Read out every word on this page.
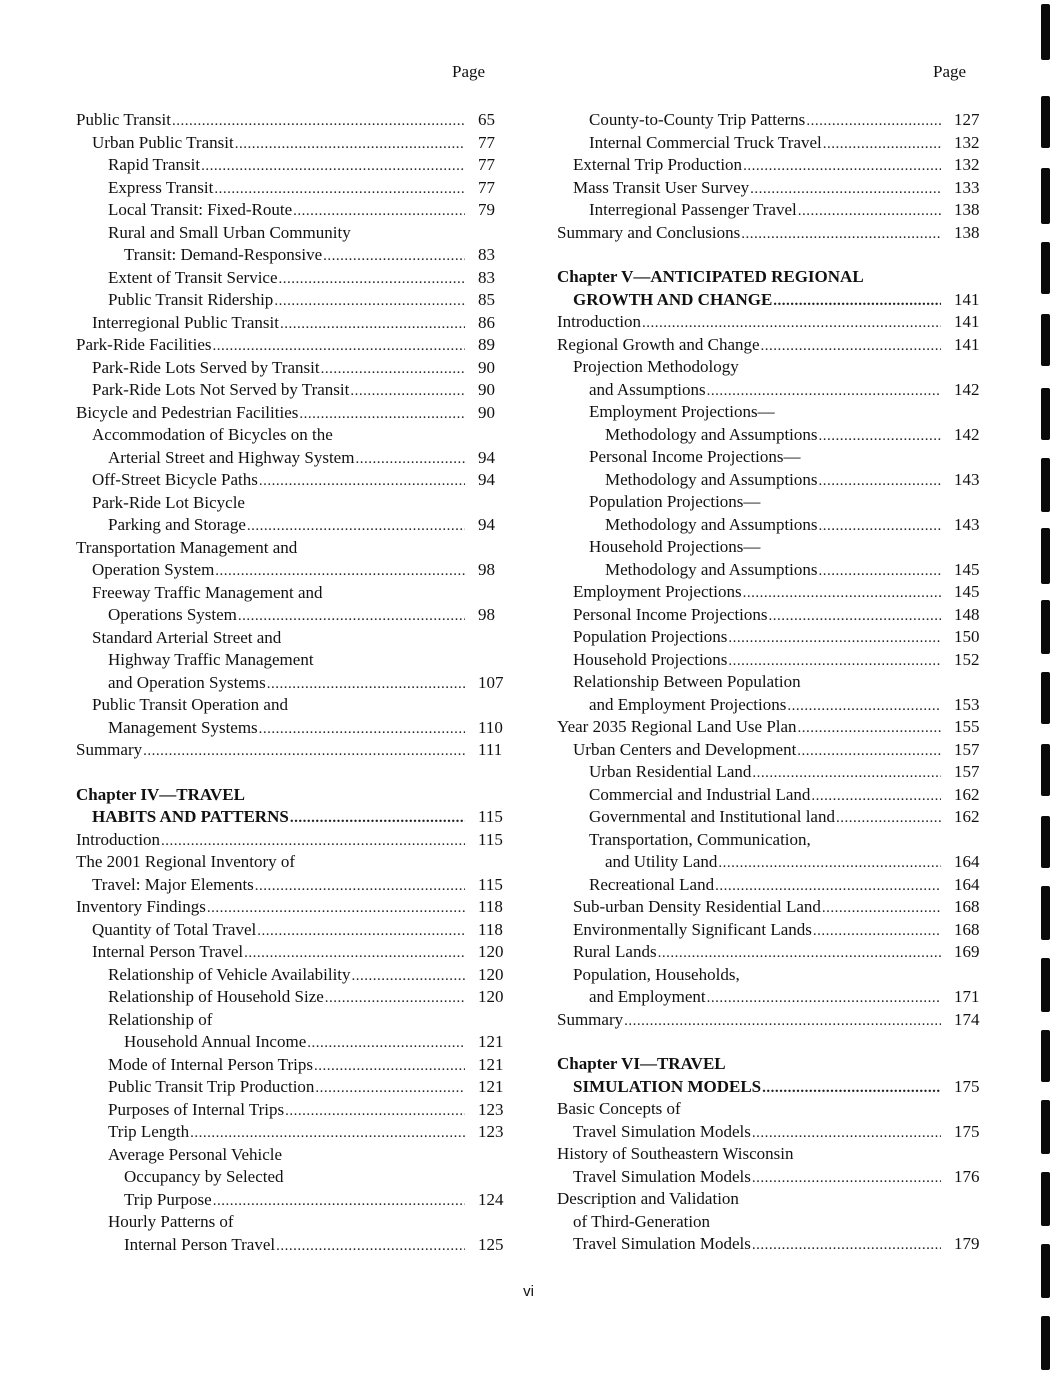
Page	Page
Public Transit .....	65
Urban Public Transit .....	77
Rapid Transit .....	77
Express Transit .....	77
Local Transit: Fixed-Route .....	79
Rural and Small Urban Community
Transit: Demand-Responsive .....	83
Extent of Transit Service .....	83
Public Transit Ridership .....	85
Interregional Public Transit .....	86
Park-Ride Facilities .....	89
Park-Ride Lots Served by Transit .....	90
Park-Ride Lots Not Served by Transit .....	90
Bicycle and Pedestrian Facilities .....	90
Accommodation of Bicycles on the
Arterial Street and Highway System .....	94
Off-Street Bicycle Paths .....	94
Park-Ride Lot Bicycle
Parking and Storage .....	94
Transportation Management and
Operation System .....	98
Freeway Traffic Management and
Operations System .....	98
Standard Arterial Street and
Highway Traffic Management
and Operation Systems .....	107
Public Transit Operation and
Management Systems .....	110
Summary .....	111
Chapter IV—TRAVEL
HABITS AND PATTERNS .....	115
Introduction .....	115
The 2001 Regional Inventory of
Travel: Major Elements .....	115
Inventory Findings .....	118
Quantity of Total Travel .....	118
Internal Person Travel .....	120
Relationship of Vehicle Availability .....	120
Relationship of Household Size .....	120
Relationship of
Household Annual Income .....	121
Mode of Internal Person Trips .....	121
Public Transit Trip Production .....	121
Purposes of Internal Trips .....	123
Trip Length .....	123
Average Personal Vehicle
Occupancy by Selected
Trip Purpose .....	124
Hourly Patterns of
Internal Person Travel .....	125
County-to-County Trip Patterns .....	127
Internal Commercial Truck Travel .....	132
External Trip Production .....	132
Mass Transit User Survey .....	133
Interregional Passenger Travel .....	138
Summary and Conclusions .....	138
Chapter V—ANTICIPATED REGIONAL
GROWTH AND CHANGE .....	141
Introduction .....	141
Regional Growth and Change .....	141
Projection Methodology
and Assumptions .....	142
Employment Projections—
Methodology and Assumptions .....	142
Personal Income Projections—
Methodology and Assumptions .....	143
Population Projections—
Methodology and Assumptions .....	143
Household Projections—
Methodology and Assumptions .....	145
Employment Projections .....	145
Personal Income Projections .....	148
Population Projections .....	150
Household Projections .....	152
Relationship Between Population
and Employment Projections .....	153
Year 2035 Regional Land Use Plan .....	155
Urban Centers and Development .....	157
Urban Residential Land .....	157
Commercial and Industrial Land .....	162
Governmental and Institutional land .....	162
Transportation, Communication,
and Utility Land .....	164
Recreational Land .....	164
Sub-urban Density Residential Land .....	168
Environmentally Significant Lands .....	168
Rural Lands .....	169
Population, Households,
and Employment .....	171
Summary .....	174
Chapter VI—TRAVEL
SIMULATION MODELS .....	175
Basic Concepts of
Travel Simulation Models .....	175
History of Southeastern Wisconsin
Travel Simulation Models .....	176
Description and Validation
of Third-Generation
Travel Simulation Models .....	179
vi
